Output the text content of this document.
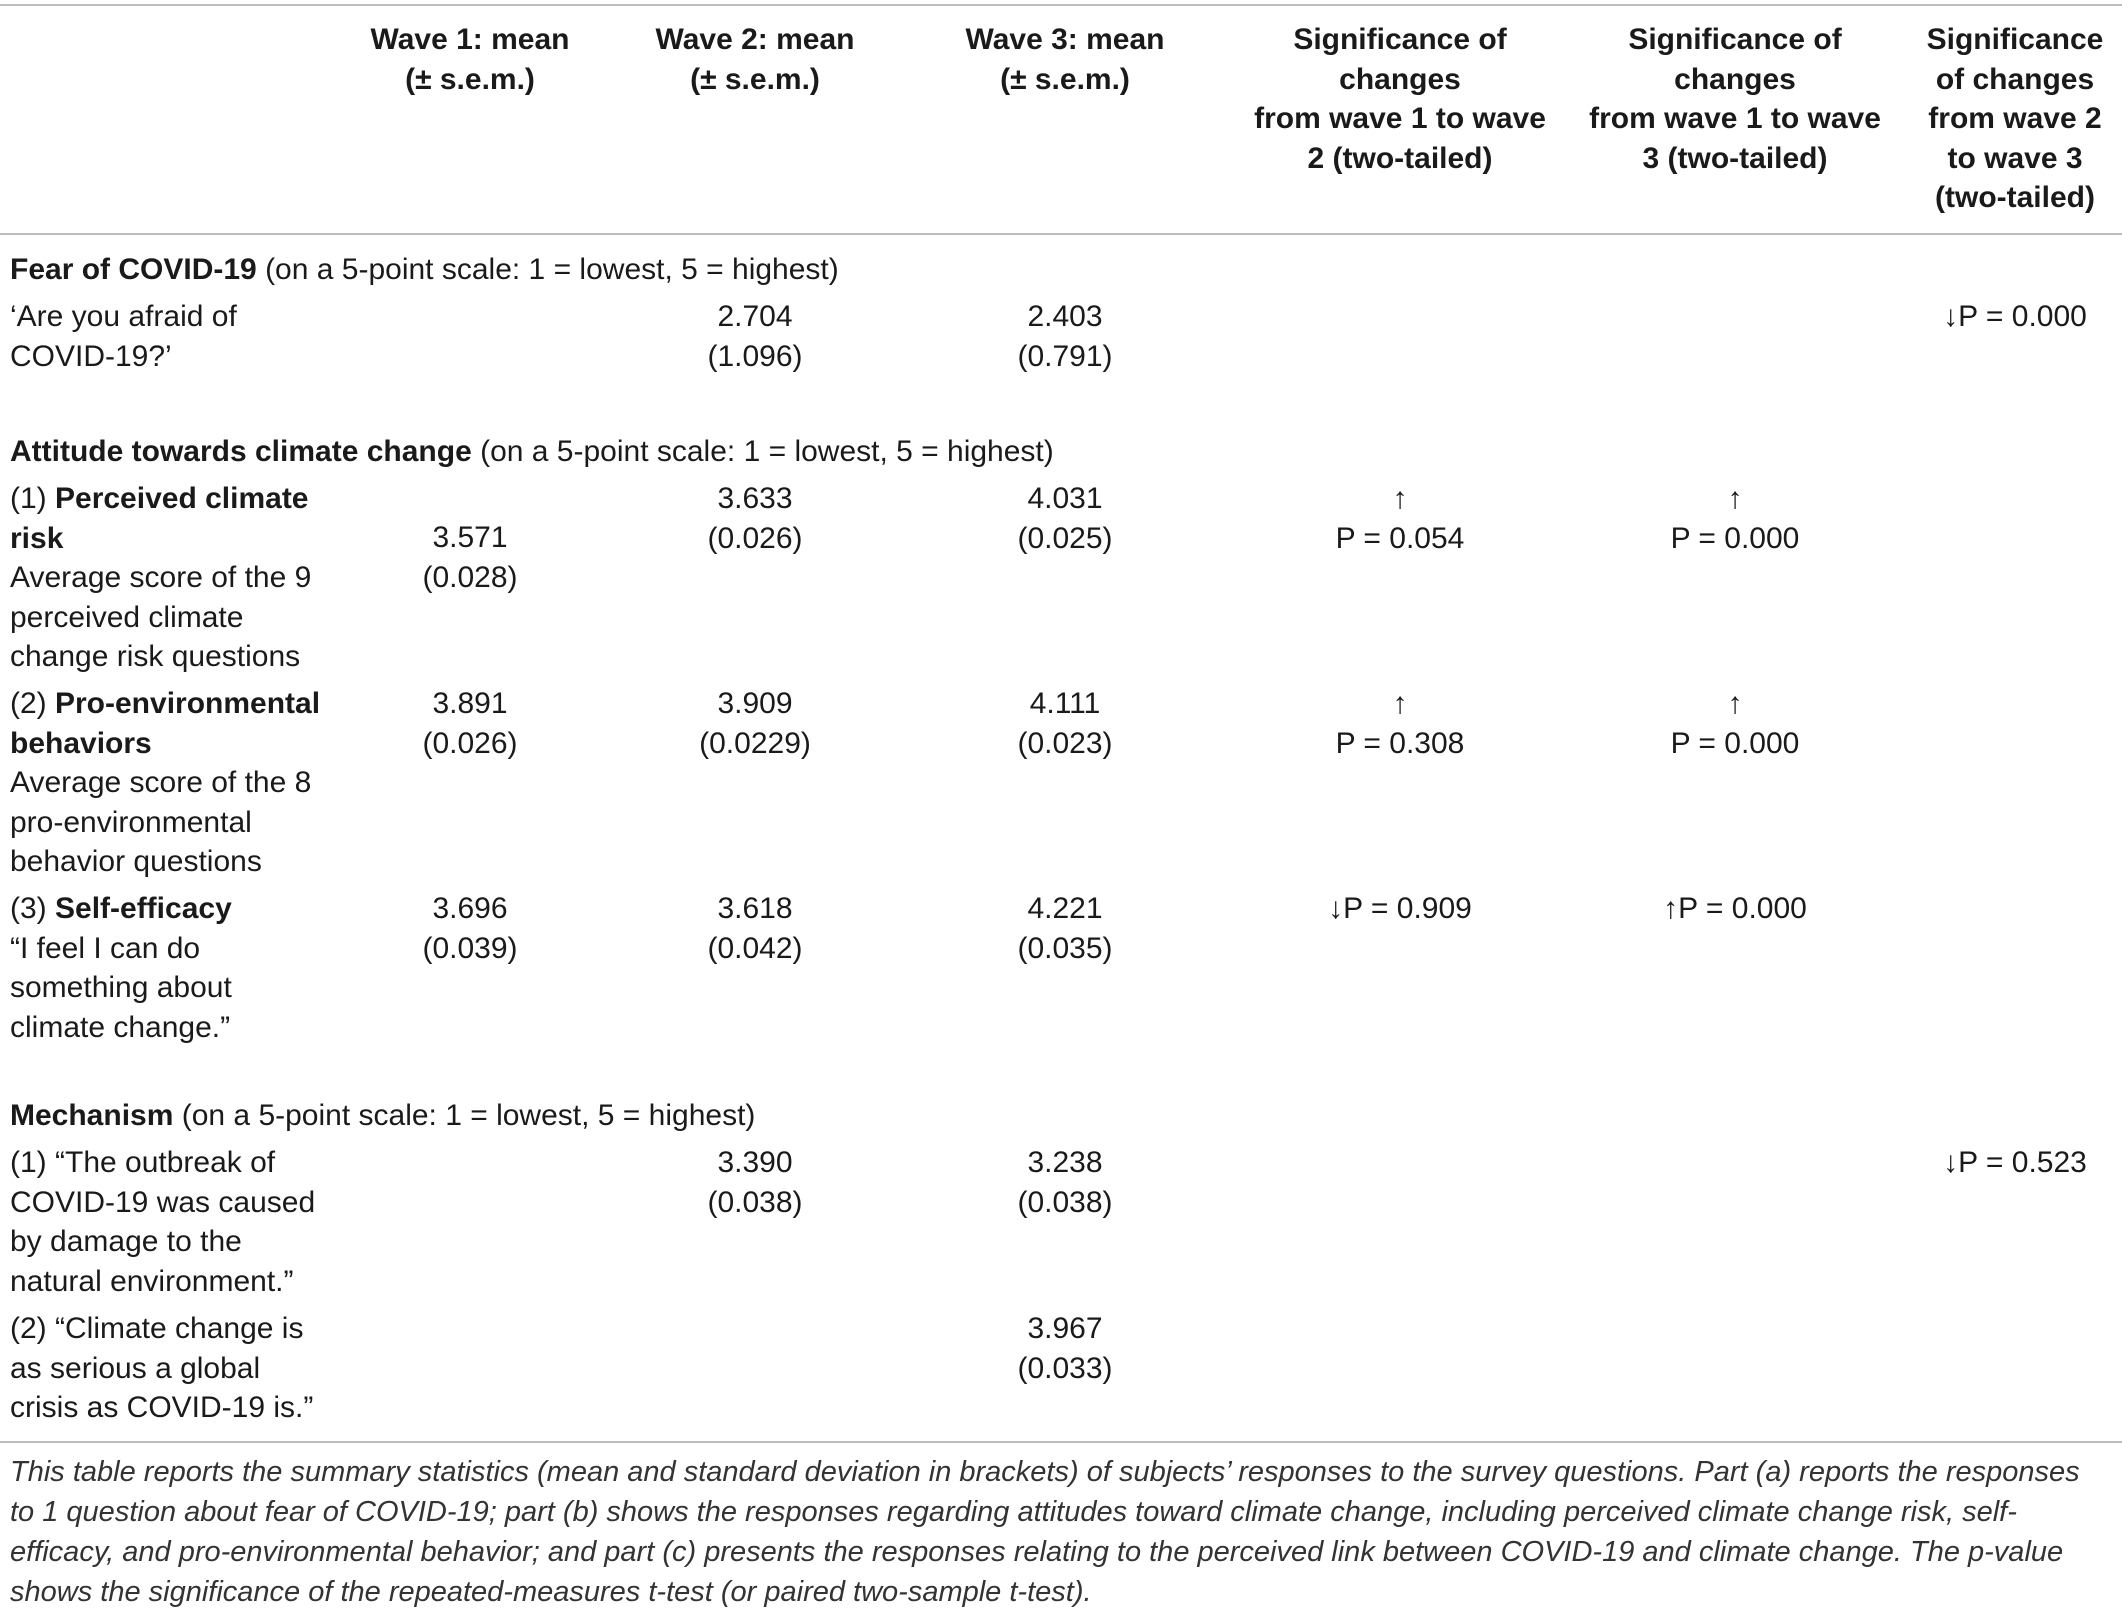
Wave 1: mean
(± s.e.m.)
Wave 2: mean
(± s.e.m.)
Wave 3: mean
(± s.e.m.)
Significance of
changes
from wave 1 to wave
2 (two-tailed)
Significance of
changes
from wave 1 to wave
3 (two-tailed)
Significance
of changes
from wave 2
to wave 3
(two-tailed)
Fear of COVID-19 (on a 5-point scale: 1 = lowest, 5 = highest)
‘Are you afraid of
COVID-19?’
2.704
(1.096)
2.403
(0.791)
↓P = 0.000
Attitude towards climate change (on a 5-point scale: 1 = lowest, 5 = highest)
(1) Perceived climate
risk
Average score of the 9
perceived climate
change risk questions
3.571
(0.028)
3.633
(0.026)
4.031
(0.025)
↑
P = 0.054
↑
P = 0.000
(2) Pro-environmental
behaviors
Average score of the 8
pro-environmental
behavior questions
3.891
(0.026)
3.909
(0.0229)
4.111
(0.023)
↑
P = 0.308
↑
P = 0.000
(3) Self-efficacy
“I feel I can do
something about
climate change.”
3.696
(0.039)
3.618
(0.042)
4.221
(0.035)
↓P = 0.909	↑P = 0.000
Mechanism (on a 5-point scale: 1 = lowest, 5 = highest)
(1) “The outbreak of
COVID-19 was caused
by damage to the
natural environment.”
3.390
(0.038)
3.238
(0.038)
↓P = 0.523
(2) “Climate change is
as serious a global
crisis as COVID-19 is.”
3.967
(0.033)
This table reports the summary statistics (mean and standard deviation in brackets) of subjects’ responses to the survey questions. Part (a) reports the responses to 1 question about fear of COVID-19; part (b) shows the responses regarding attitudes toward climate change, including perceived climate change risk, self-efficacy, and pro-environmental behavior; and part (c) presents the responses relating to the perceived link between COVID-19 and climate change. The p-value shows the significance of the repeated-measures t-test (or paired two-sample t-test).
